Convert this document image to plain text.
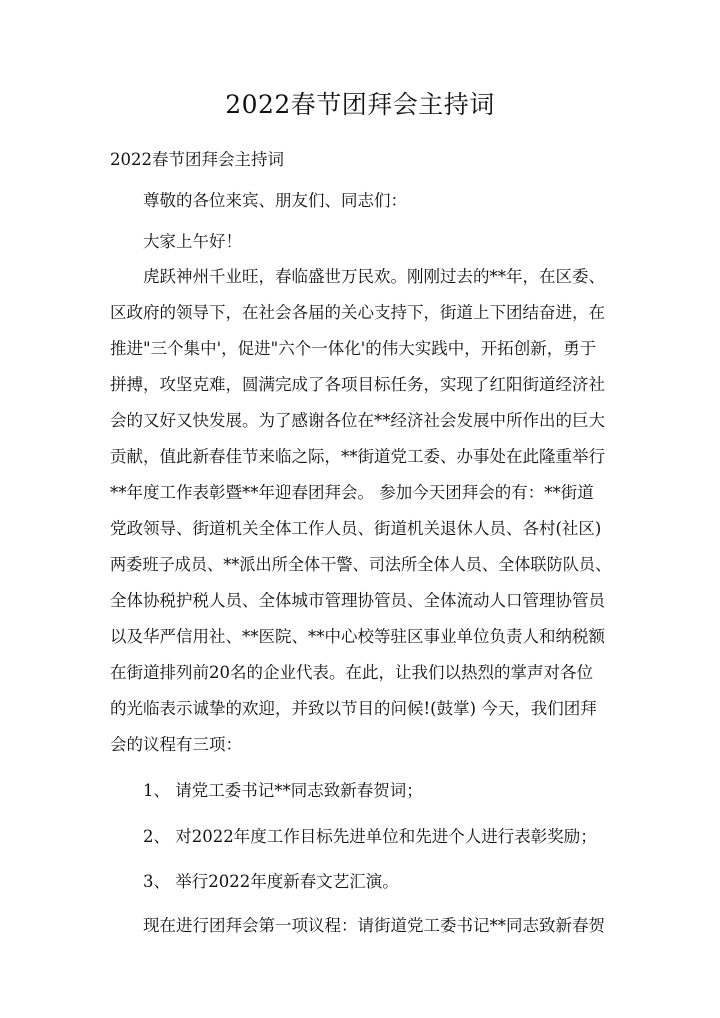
2022春节团拜会主持词
2022春节团拜会主持词
尊敬的各位来宾、朋友们、同志们：
大家上午好！
虎跃神州千业旺，春临盛世万民欢。刚刚过去的**年，在区委、
区政府的领导下，在社会各届的关心支持下，街道上下团结奋进，在
推进"三个集中'，促进"六个一体化'的伟大实践中，开拓创新，勇于
拼搏，攻坚克难，圆满完成了各项目标任务，实现了红阳街道经济社
会的又好又快发展。为了感谢各位在**经济社会发展中所作出的巨大
贡献，值此新春佳节来临之际，**街道党工委、办事处在此隆重举行
**年度工作表彰暨**年迎春团拜会。 参加今天团拜会的有：**街道
党政领导、街道机关全体工作人员、街道机关退休人员、各村(社区)
两委班子成员、**派出所全体干警、司法所全体人员、全体联防队员、
全体协税护税人员、全体城市管理协管员、全体流动人口管理协管员
以及华严信用社、**医院、**中心校等驻区事业单位负责人和纳税额
在街道排列前20名的企业代表。在此，让我们以热烈的掌声对各位
的光临表示诚挚的欢迎，并致以节目的问候!(鼓掌) 今天，我们团拜
会的议程有三项：
1、 请党工委书记**同志致新春贺词；
2、 对2022年度工作目标先进单位和先进个人进行表彰奖励；
3、 举行2022年度新春文艺汇演。
现在进行团拜会第一项议程：请街道党工委书记**同志致新春贺
